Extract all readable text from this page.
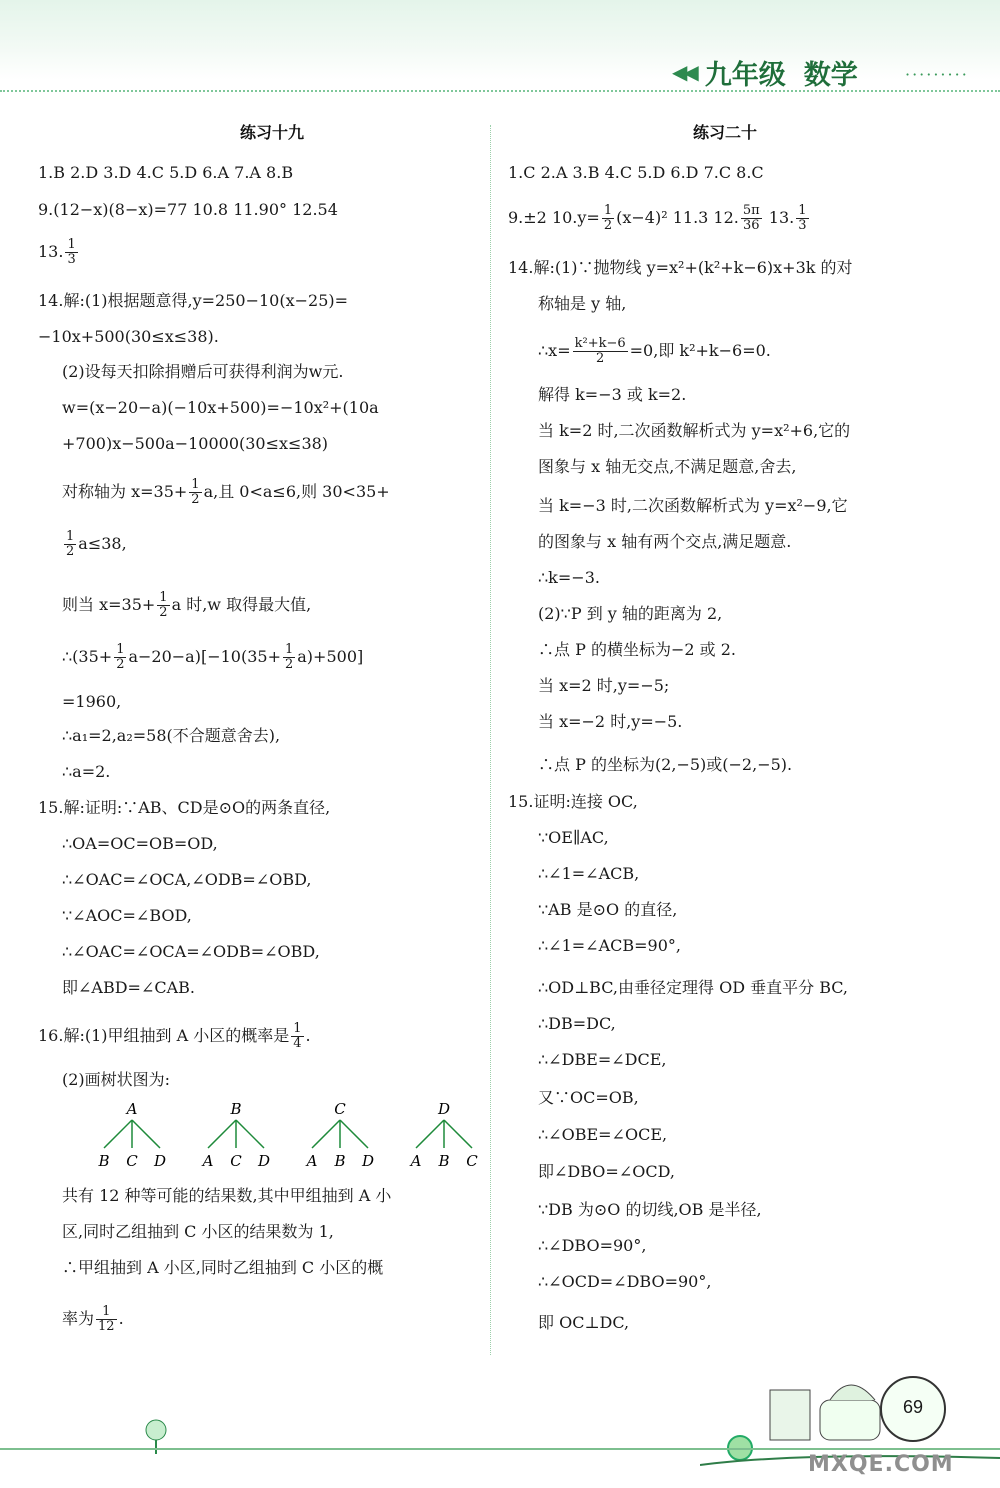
◀◀ 九年级 数学	·········
练习十九
1.B 2.D 3.D 4.C 5.D 6.A 7.A 8.B
9.(12−x)(8−x)=77 10.8 11.90° 12.54
13. $\frac{1}{3}$
14.解:(1)根据题意得,y=250−10(x−25)=
−10x+500(30≤x≤38).
(2)设每天扣除捐赠后可获得利润为w元.
w=(x−20−a)(−10x+500)=−10x²+(10a
+700)x−500a−10000(30≤x≤38)
对称轴为 $x=35+ \frac{1}{2} a$,且 0<a≤6,则 30<35+
$\frac{1}{2} a\le 38$,
则当 $x=35+ \frac{1}{2}$ a 时,w 取得最大值,
∴(35+ $\frac{1}{2} a-20-a)[-10(35+ \frac{1}{2} a)+500]$
=1960,
∴a₁=2,a₂=58(不合题意舍去),
∴a=2.
15.解:证明:∵AB、CD是⊙O的两条直径,
∴OA=OC=OB=OD,
∴∠OAC=∠OCA,∠ODB=∠OBD,
∵∠AOC=∠BOD,
∴∠OAC=∠OCA=∠ODB=∠OBD,
即∠ABD=∠CAB.
16.解:(1)甲组抽到 A 小区的概率是 $\frac{1}{4}$ .
(2)画树状图为:
A
B C D
B
A C D
C
A B D
D
A B C
共有 12 种等可能的结果数,其中甲组抽到 A 小
区,同时乙组抽到 C 小区的结果数为 1,
∴甲组抽到 A 小区,同时乙组抽到 C 小区的概
率为 $\frac{1}{12}$ .
练习二十
1.C 2.A 3.B 4.C 5.D 6.D 7.C 8.C
9.±2 $10.y= \frac{1}{2} (x-4)^2$ 11.3 12. $\frac{5\pi}{36} 13$. $\frac{1}{3}$
14.解:(1)∵抛物线 y=x²+(k²+k−6)x+3k 的对
称轴是 y 轴,
∴x= $\frac{\text{k²+k−6}}{2} =0$,即 k²+k−6=0.
解得 k=−3 或 k=2.
当 k=2 时,二次函数解析式为 y=x²+6,它的
图象与 x 轴无交点,不满足题意,舍去,
当 k=−3 时,二次函数解析式为 y=x²−9,它
的图象与 x 轴有两个交点,满足题意.
∴k=−3.
(2)∵P 到 y 轴的距离为 2,
∴点 P 的横坐标为−2 或 2.
当 x=2 时,y=−5;
当 x=−2 时,y=−5.
∴点 P 的坐标为(2,−5)或(−2,−5).
15.证明:连接 OC,
∵OE∥AC,
∴∠1=∠ACB,
∵AB 是⊙O 的直径,
∴∠1=∠ACB=90°,
∴OD⊥BC,由垂径定理得 OD 垂直平分 BC,
∴DB=DC,
∴∠DBE=∠DCE,
又∵OC=OB,
∴∠OBE=∠OCE,
即∠DBO=∠OCD,
∵DB 为⊙O 的切线,OB 是半径,
∴∠DBO=90°,
∴∠OCD=∠DBO=90°,
即 OC⊥DC,
69
MXQE.COM
